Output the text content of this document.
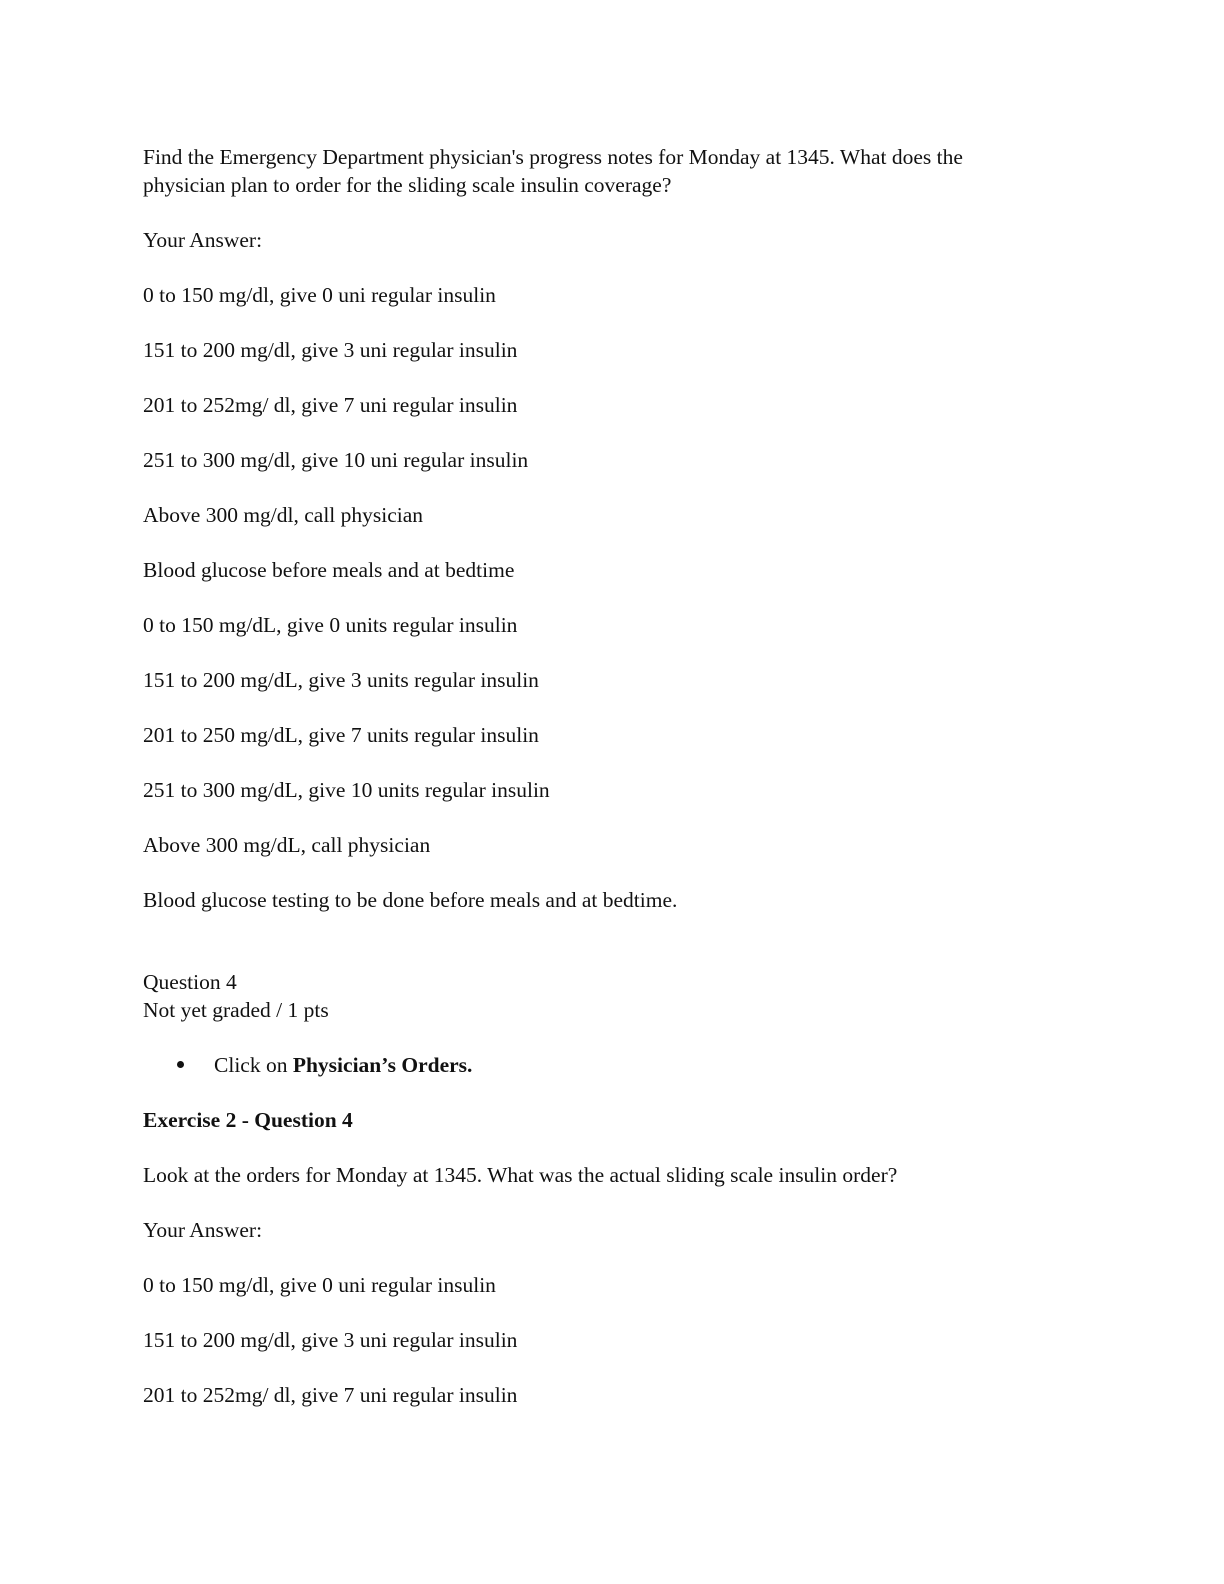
Find the Emergency Department physician's progress notes for Monday at 1345. What does the
physician plan to order for the sliding scale insulin coverage?
Your Answer:
0 to 150 mg/dl, give 0 uni regular insulin
151 to 200 mg/dl, give 3 uni regular insulin
201 to 252mg/ dl, give 7 uni regular insulin
251 to 300 mg/dl, give 10 uni regular insulin
Above 300 mg/dl, call physician
Blood glucose before meals and at bedtime
0 to 150 mg/dL, give 0 units regular insulin
151 to 200 mg/dL, give 3 units regular insulin
201 to 250 mg/dL, give 7 units regular insulin
251 to 300 mg/dL, give 10 units regular insulin
Above 300 mg/dL, call physician
Blood glucose testing to be done before meals and at bedtime.
Question 4
Not yet graded / 1 pts
Click on Physician’s Orders.
Exercise 2 - Question 4
Look at the orders for Monday at 1345. What was the actual sliding scale insulin order?
Your Answer:
0 to 150 mg/dl, give 0 uni regular insulin
151 to 200 mg/dl, give 3 uni regular insulin
201 to 252mg/ dl, give 7 uni regular insulin
